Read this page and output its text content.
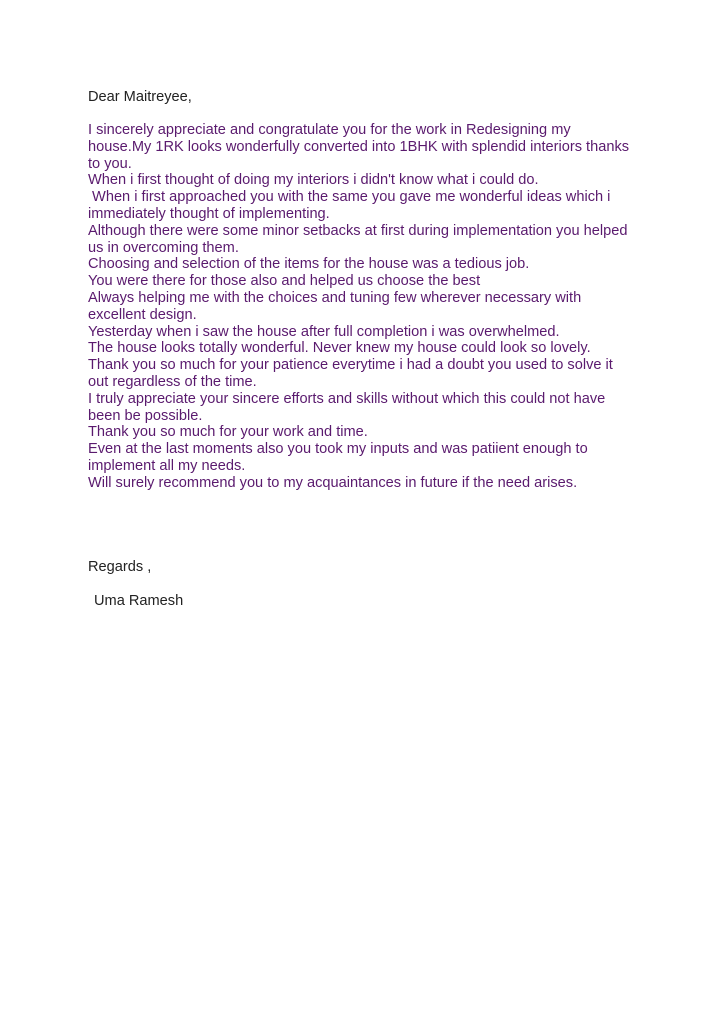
Dear Maitreyee,
I sincerely appreciate and congratulate you for the work in Redesigning my
house.My 1RK looks wonderfully converted into 1BHK with splendid interiors thanks
to you.
When i first thought of doing my interiors i didn't know what i could do.
When i first approached you with the same you gave me wonderful ideas which i
immediately thought of implementing.
Although there were some minor setbacks at first during implementation you helped
us in overcoming them.
Choosing and selection of the items for the house was a tedious job.
You were there for those also and helped us choose the best
Always helping me with the choices and tuning few wherever necessary with
excellent design.
Yesterday when i saw the house after full completion i was overwhelmed.
The house looks totally wonderful. Never knew my house could look so lovely.
Thank you so much for your patience everytime i had a doubt you used to solve it
out regardless of the time.
I truly appreciate your sincere efforts and skills without which this could not have
been be possible.
Thank you so much for your work and time.
Even at the last moments also you took my inputs and was patiient enough to
implement all my needs.
Will surely recommend you to my acquaintances in future if the need arises.
Regards ,
Uma Ramesh
